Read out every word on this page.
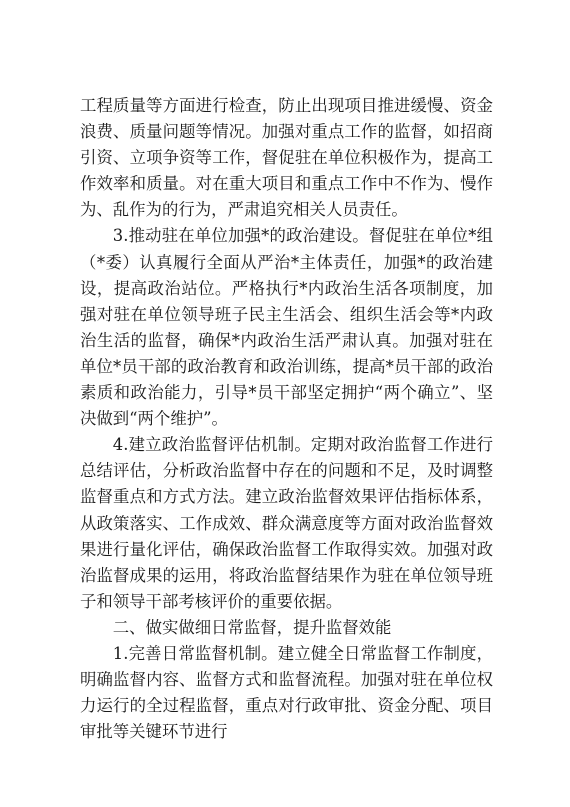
工程质量等方面进行检查，防止出现项目推进缓慢、资金浪费、质量问题等情况。加强对重点工作的监督，如招商引资、立项争资等工作，督促驻在单位积极作为，提高工作效率和质量。对在重大项目和重点工作中不作为、慢作为、乱作为的行为，严肃追究相关人员责任。

3.推动驻在单位加强*的政治建设。督促驻在单位*组（*委）认真履行全面从严治*主体责任，加强*的政治建设，提高政治站位。严格执行*内政治生活各项制度，加强对驻在单位领导班子民主生活会、组织生活会等*内政治生活的监督，确保*内政治生活严肃认真。加强对驻在单位*员干部的政治教育和政治训练，提高*员干部的政治素质和政治能力，引导*员干部坚定拥护“两个确立”、坚决做到“两个维护”。

4.建立政治监督评估机制。定期对政治监督工作进行总结评估，分析政治监督中存在的问题和不足，及时调整监督重点和方式方法。建立政治监督效果评估指标体系，从政策落实、工作成效、群众满意度等方面对政治监督效果进行量化评估，确保政治监督工作取得实效。加强对政治监督成果的运用，将政治监督结果作为驻在单位领导班子和领导干部考核评价的重要依据。

二、做实做细日常监督，提升监督效能

1.完善日常监督机制。建立健全日常监督工作制度，明确监督内容、监督方式和监督流程。加强对驻在单位权力运行的全过程监督，重点对行政审批、资金分配、项目审批等关键环节进行
